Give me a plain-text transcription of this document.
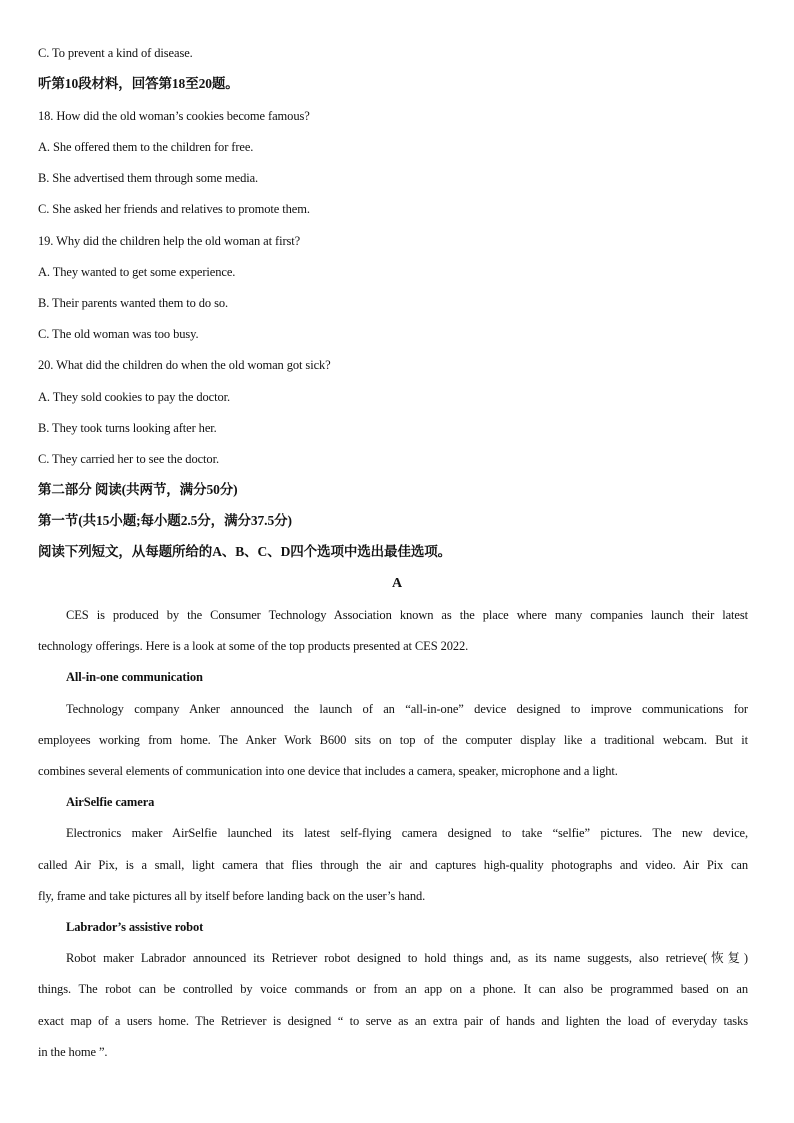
C. To prevent a kind of disease.
听第10段材料，回答第18至20题。
18. How did the old woman’s cookies become famous?
A. She offered them to the children for free.
B. She advertised them through some media.
C. She asked her friends and relatives to promote them.
19. Why did the children help the old woman at first?
A. They wanted to get some experience.
B. Their parents wanted them to do so.
C. The old woman was too busy.
20. What did the children do when the old woman got sick?
A. They sold cookies to pay the doctor.
B. They took turns looking after her.
C. They carried her to see the doctor.
第二部分 阅读(共两节，满分50分)
第一节(共15小题;每小题2.5分，满分37.5分)
阅读下列短文，从每题所给的A、B、C、D四个选项中选出最佳选项。
A
CES is produced by the Consumer Technology Association known as the place where many companies launch their latest
technology offerings. Here is a look at some of the top products presented at CES 2022.
All-in-one communication
Technology company Anker announced the launch of an “all-in-one” device designed to improve communications for
employees working from home. The Anker Work B600 sits on top of the computer display like a traditional webcam. But it
combines several elements of communication into one device that includes a camera, speaker, microphone and a light.
AirSelfie camera
Electronics maker AirSelfie launched its latest self-flying camera designed to take “selfie” pictures. The new device,
called Air Pix, is a small, light camera that flies through the air and captures high-quality photographs and video. Air Pix can
fly, frame and take pictures all by itself before landing back on the user’s hand.
Labrador’s assistive robot
Robot maker Labrador announced its Retriever robot designed to hold things and, as its name suggests, also retrieve(恢复)
things. The robot can be controlled by voice commands or from an app on a phone. It can also be programmed based on an
exact map of a users home. The Retriever is designed “ to serve as an extra pair of hands and lighten the load of everyday tasks
in the home ”.
